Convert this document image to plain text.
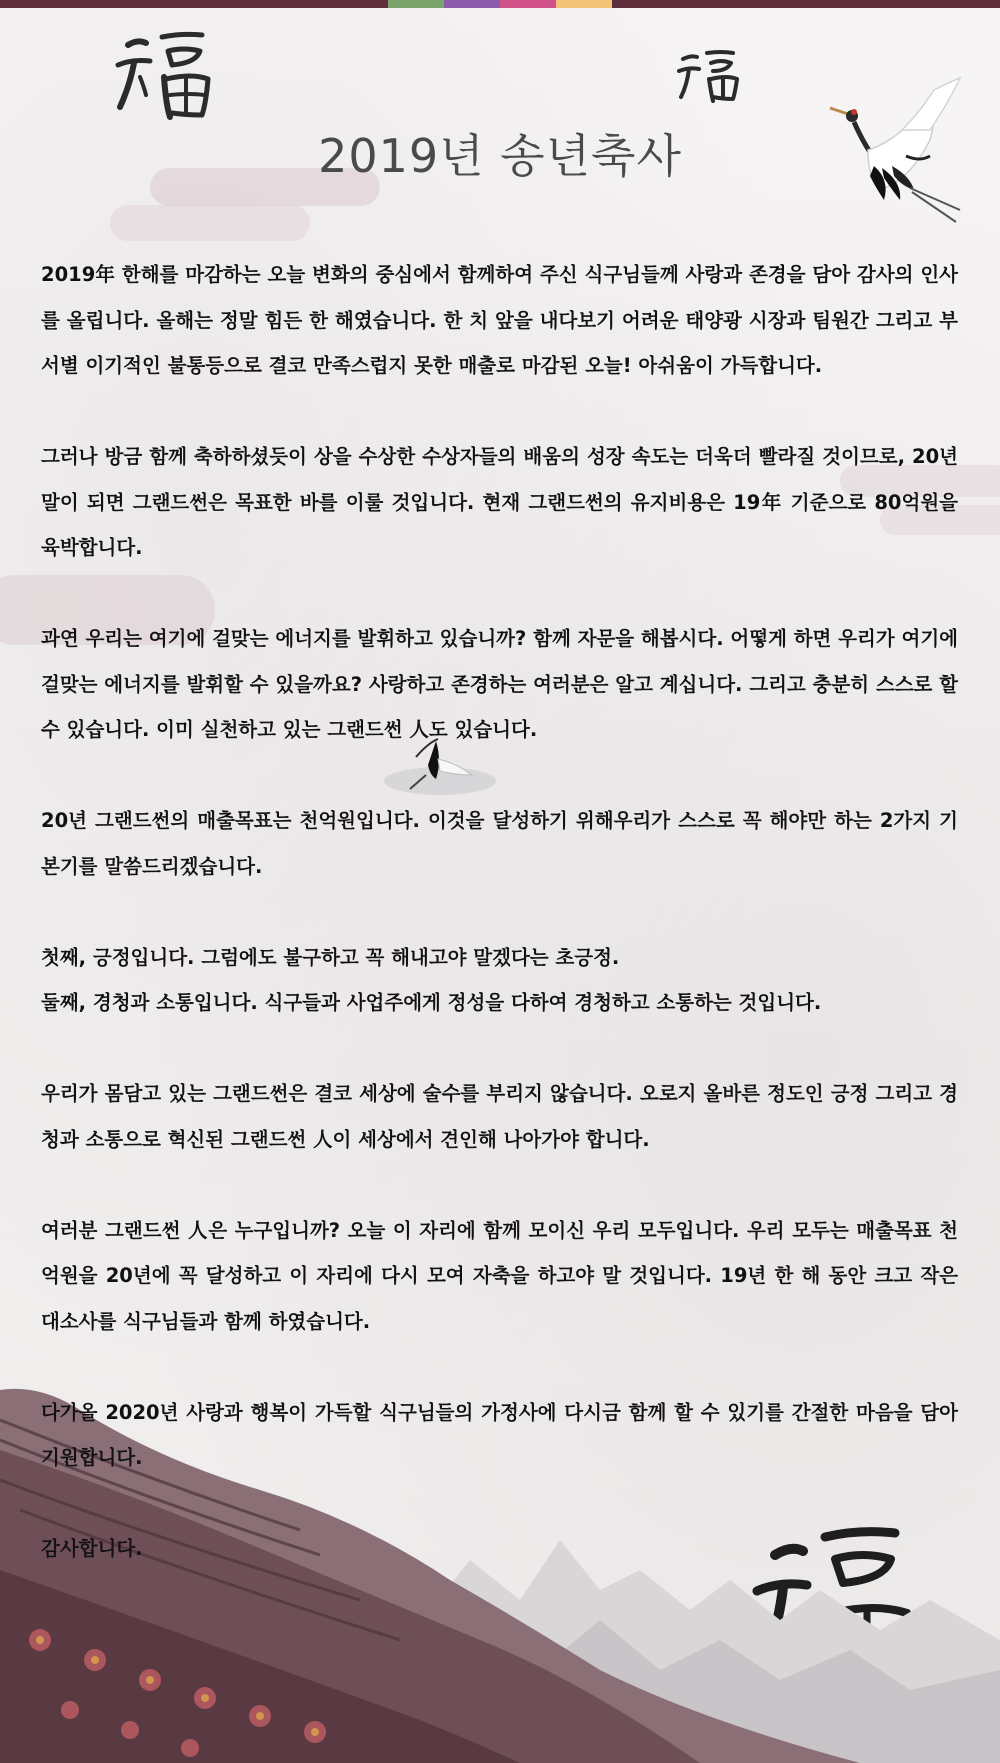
2019년 송년축사

2019年 한해를 마감하는 오늘 변화의 중심에서 함께하여 주신 식구님들께 사랑과 존경을 담아 감사의 인사를 올립니다. 올해는 정말 힘든 한 해였습니다. 한 치 앞을 내다보기 어려운 태양광 시장과 팀원간 그리고 부서별 이기적인 불통등으로 결코 만족스럽지 못한 매출로 마감된 오늘! 아쉬움이 가득합니다.

그러나 방금 함께 축하하셨듯이 상을 수상한 수상자들의 배움의 성장 속도는 더욱더 빨라질 것이므로, 20년 말이 되면 그랜드썬은 목표한 바를 이룰 것입니다. 현재 그랜드썬의 유지비용은 19年 기준으로 80억원을 육박합니다.

과연 우리는 여기에 걸맞는 에너지를 발휘하고 있습니까? 함께 자문을 해봅시다. 어떻게 하면 우리가 여기에 걸맞는 에너지를 발휘할 수 있을까요? 사랑하고 존경하는 여러분은 알고 계십니다. 그리고 충분히 스스로 할 수 있습니다. 이미 실천하고 있는 그랜드썬 人도 있습니다.

20년 그랜드썬의 매출목표는 천억원입니다. 이것을 달성하기 위해우리가 스스로 꼭 해야만 하는 2가지 기본기를 말씀드리겠습니다.

첫째, 긍정입니다. 그럼에도 불구하고 꼭 해내고야 말겠다는 초긍정.

둘째, 경청과 소통입니다. 식구들과 사업주에게 정성을 다하여 경청하고 소통하는 것입니다.

우리가 몸담고 있는 그랜드썬은 결코 세상에 술수를 부리지 않습니다. 오로지 올바른 정도인 긍정 그리고 경청과 소통으로 혁신된 그랜드썬 人이 세상에서 견인해 나아가야 합니다.

여러분 그랜드썬 人은 누구입니까? 오늘 이 자리에 함께 모이신 우리 모두입니다. 우리 모두는 매출목표 천억원을 20년에 꼭 달성하고 이 자리에 다시 모여 자축을 하고야 말 것입니다. 19년 한 해 동안 크고 작은 대소사를 식구님들과 함께 하였습니다.

다가올 2020년 사랑과 행복이 가득할 식구님들의 가정사에 다시금 함께 할 수 있기를 간절한 마음을 담아 기원합니다.

감사합니다.
